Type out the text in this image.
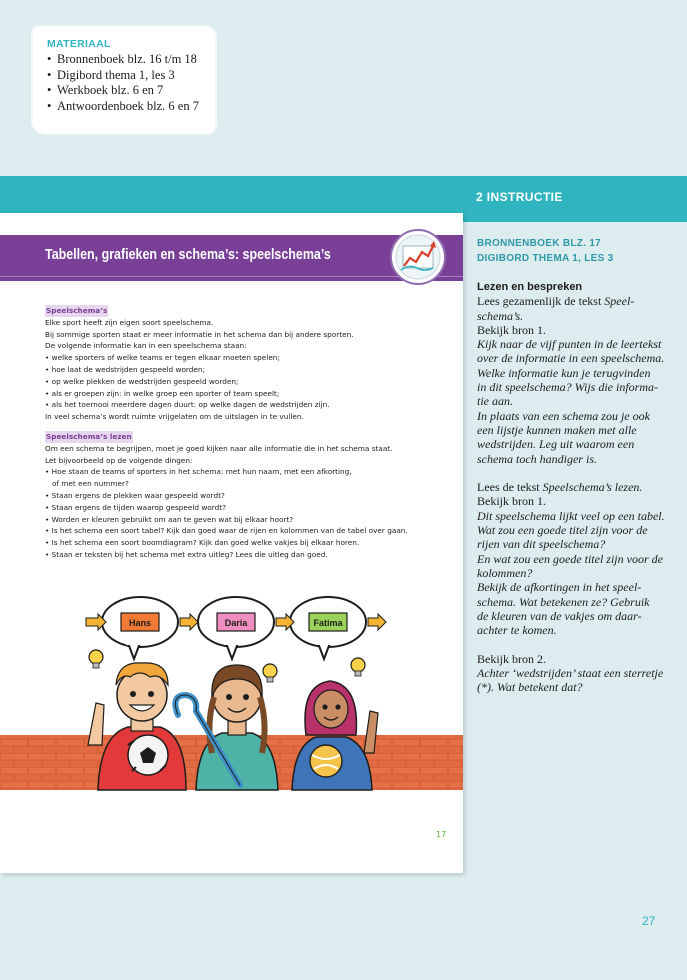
MATERIAAL
• Bronnenboek blz. 16 t/m 18
• Digibord thema 1, les 3
• Werkboek blz. 6 en 7
• Antwoordenboek blz. 6 en 7
2 INSTRUCTIE
Tabellen, grafieken en schema’s: speelschema’s
Speelschema’s

Elke sport heeft zijn eigen soort speelschema.

Bij sommige sporten staat er meer informatie in het schema dan bij andere sporten.

De volgende informatie kan in een speelschema staan:

• welke sporters of welke teams er tegen elkaar moeten spelen;

• hoe laat de wedstrijden gespeeld worden;

• op welke plekken de wedstrijden gespeeld worden;

• als er groepen zijn: in welke groep een sporter of team speelt;

• als het toernooi meerdere dagen duurt: op welke dagen de wedstrijden zijn.

In veel schema’s wordt ruimte vrijgelaten om de uitslagen in te vullen.

Speelschema’s lezen

Om een schema te begrijpen, moet je goed kijken naar alle informatie die in het schema staat.

Let bijvoorbeeld op de volgende dingen:

• Hoe staan de teams of sporters in het schema: met hun naam, met een afkorting,

of met een nummer?

• Staan ergens de plekken waar gespeeld wordt?

• Staan ergens de tijden waarop gespeeld wordt?

• Worden er kleuren gebruikt om aan te geven wat bij elkaar hoort?

• Is het schema een soort tabel? Kijk dan goed waar de rijen en kolommen van de tabel over gaan.

• Is het schema een soort boomdiagram? Kijk dan goed welke vakjes bij elkaar horen.

• Staan er teksten bij het schema met extra uitleg? Lees die uitleg dan goed.

Hans	Daria	Fatima
17
BRONNENBOEK BLZ. 17
DIGIBORD THEMA 1, LES 3
Lezen en bespreken
Lees gezamenlijk de tekst Speel-
schema’s.
Bekijk bron 1.
Kijk naar de vijf punten in de leertekst
over de informatie in een speelschema.
Welke informatie kun je terugvinden
in dit speelschema? Wijs die informa-
tie aan.
In plaats van een schema zou je ook
een lijstje kunnen maken met alle
wedstrijden. Leg uit waarom een
schema toch handiger is.
Lees de tekst Speelschema’s lezen.
Bekijk bron 1.
Dit speelschema lijkt veel op een tabel.
Wat zou een goede titel zijn voor de
rijen van dit speelschema?
En wat zou een goede titel zijn voor de
kolommen?
Bekijk de afkortingen in het speel-
schema. Wat betekenen ze? Gebruik
de kleuren van de vakjes om daar-
achter te komen.
Bekijk bron 2.
Achter ‘wedstrijden’ staat een sterretje
(*). Wat betekent dat?
27
